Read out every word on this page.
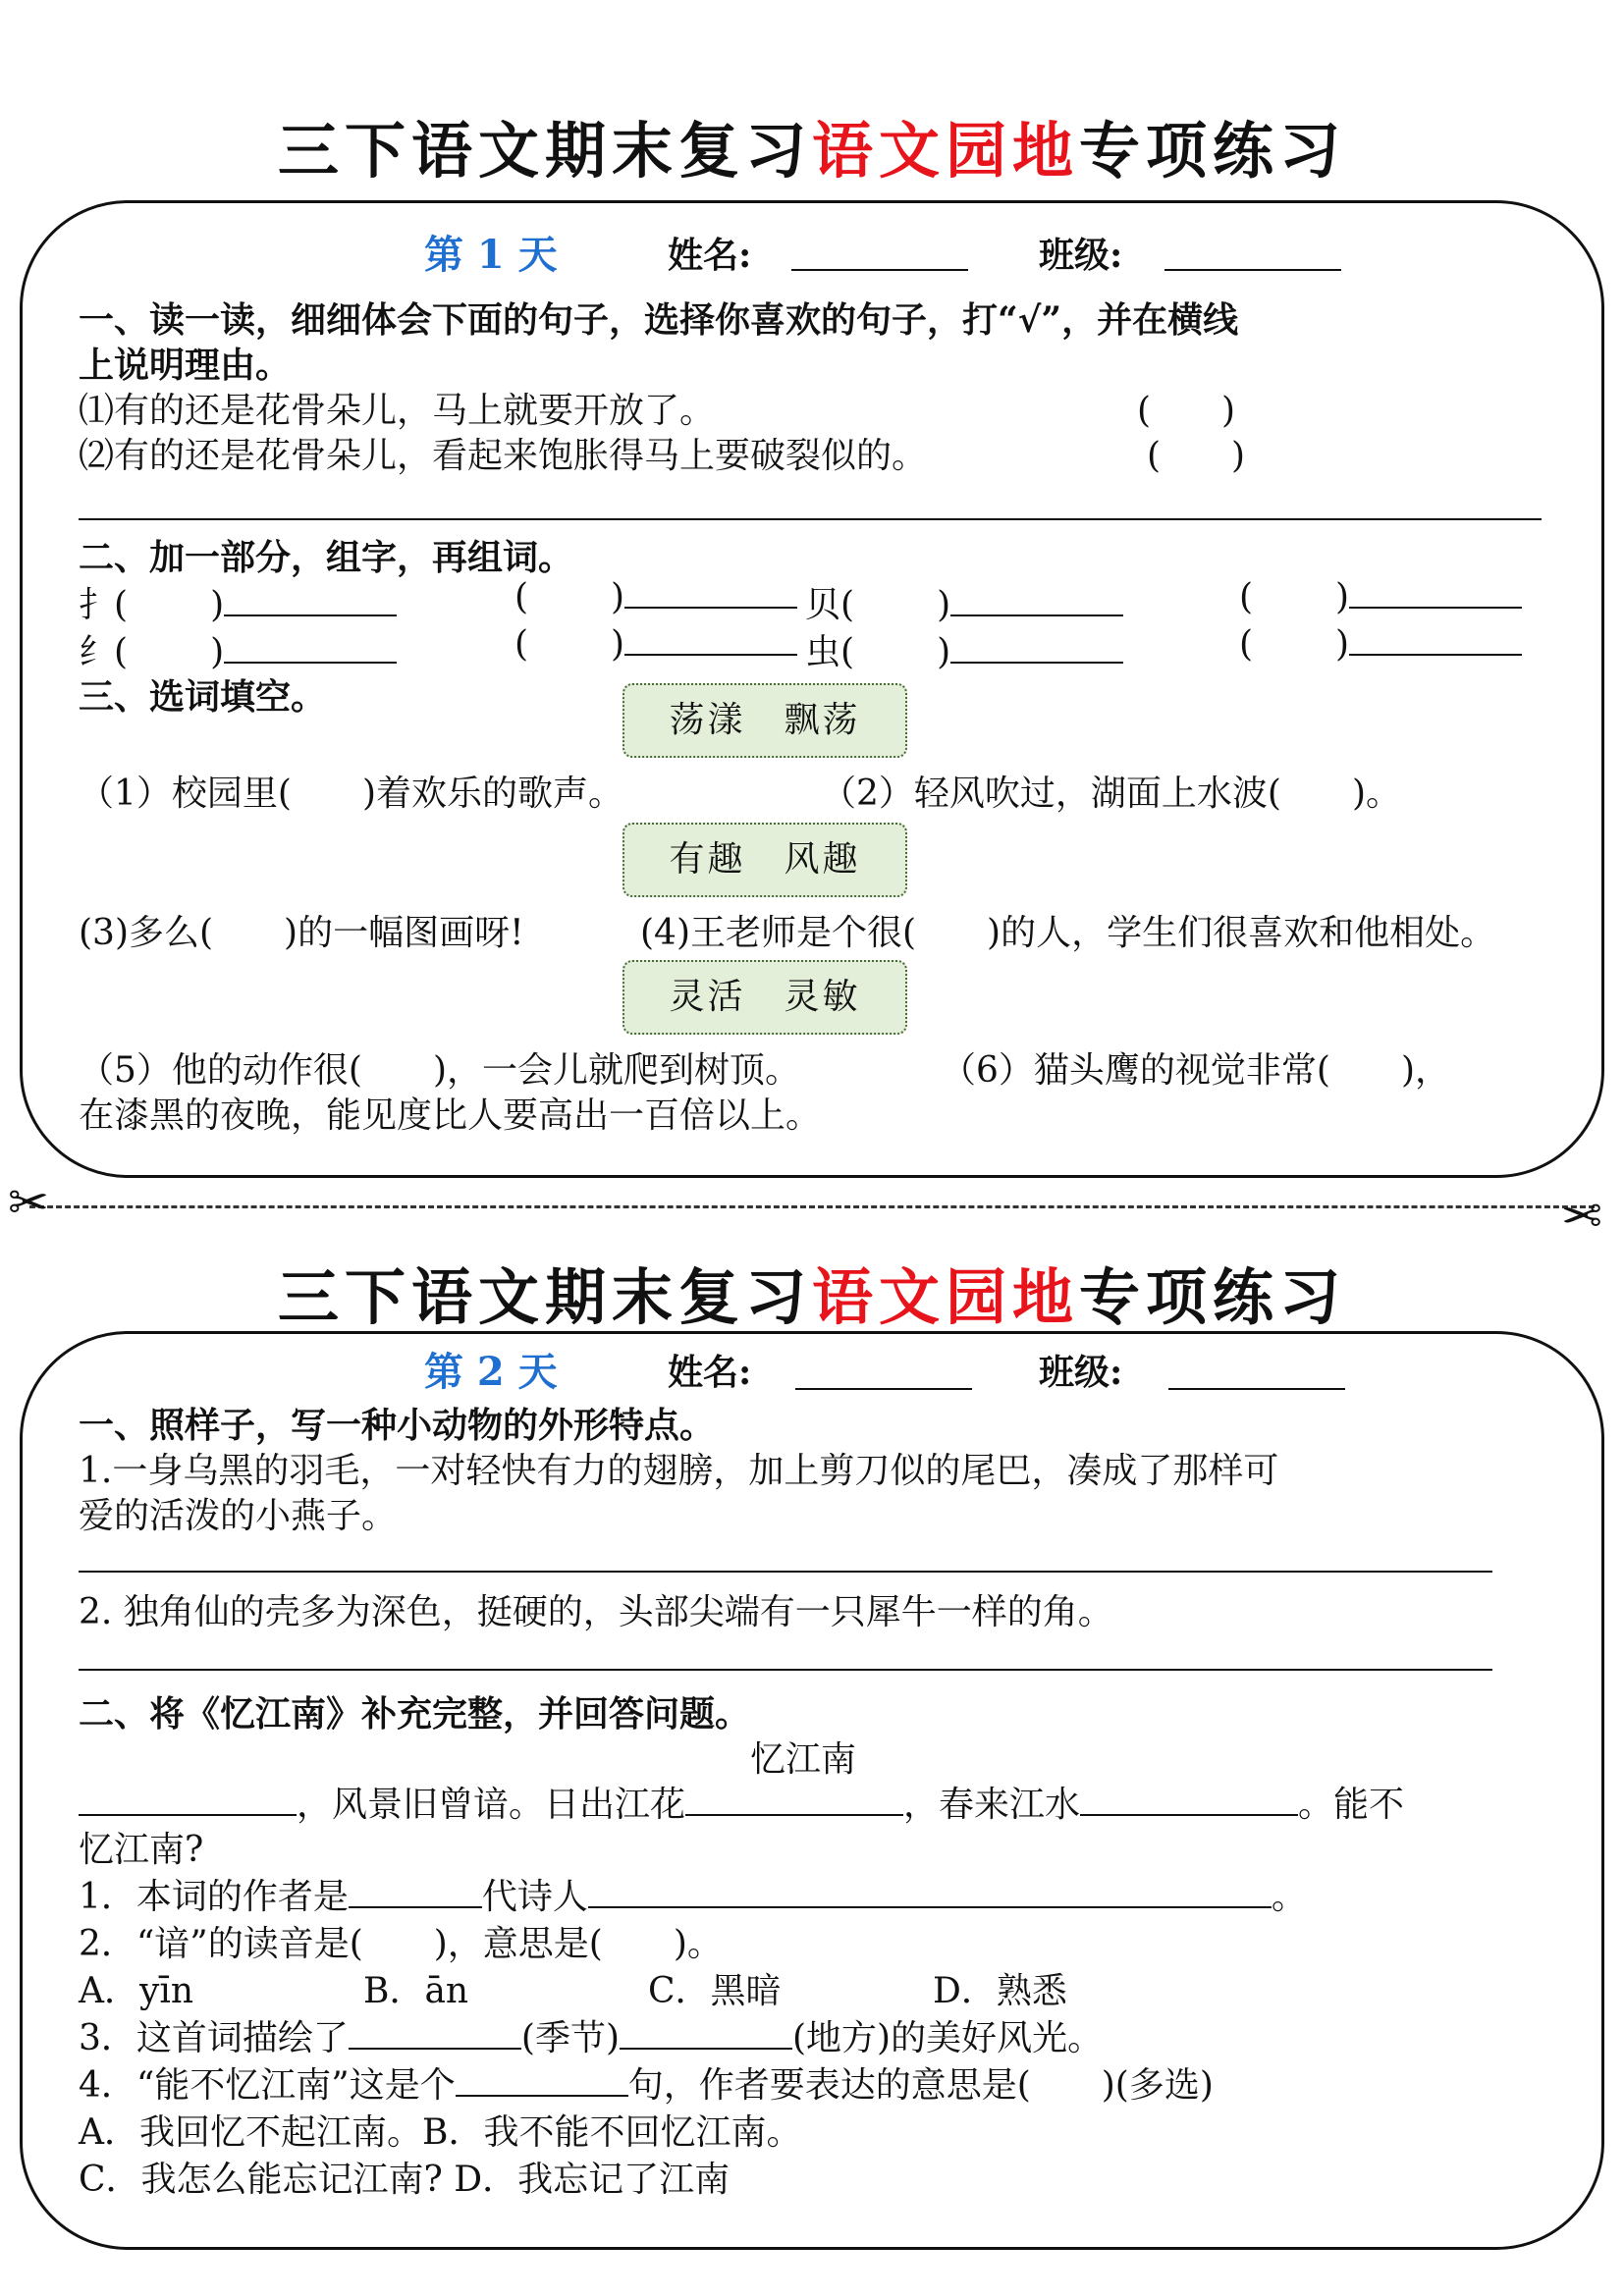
三下语文期末复习语文园地专项练习
第 1 天	姓名:	班级:
一、读一读，细细体会下面的句子，选择你喜欢的句子，打“√”，并在横线
上说明理由。
⑴有的还是花骨朵儿，马上就要开放了。	(　　)
⑵有的还是花骨朵儿，看起来饱胀得马上要破裂似的。	(　　)
二、加一部分，组字，再组词。
扌( )	( )	贝( )	( )
纟( )	( )	虫( )	( )
三、选词填空。
荡漾　飘荡
（1）校园里(　　)着欢乐的歌声。	（2）轻风吹过，湖面上水波(　　)。
有趣　风趣
(3)多么(　　)的一幅图画呀!	(4)王老师是个很(　　)的人，学生们很喜欢和他相处。
灵活　灵敏
（5）他的动作很(　　)，一会儿就爬到树顶。	（6）猫头鹰的视觉非常(　　)，
在漆黑的夜晚，能见度比人要高出一百倍以上。
✂	✂
三下语文期末复习语文园地专项练习
第 2 天	姓名:	班级:
一、照样子，写一种小动物的外形特点。
1.一身乌黑的羽毛，一对轻快有力的翅膀，加上剪刀似的尾巴，凑成了那样可
爱的活泼的小燕子。
2. 独角仙的壳多为深色，挺硬的，头部尖端有一只犀牛一样的角。
二、将《忆江南》补充完整，并回答问题。
忆江南
，风景旧曾谙。日出江花	，春来江水	。能不
忆江南?
1．本词的作者是	代诗人	。
2．“谙”的读音是(　　)，意思是(　　)。
A．yīn	B．ān	C．黑暗	D．熟悉
3．这首词描绘了	(季节)	(地方)的美好风光。
4．“能不忆江南”这是个	句，作者要表达的意思是(　　)(多选)
A．我回忆不起江南。B．我不能不回忆江南。
C．我怎么能忘记江南? D．我忘记了江南
